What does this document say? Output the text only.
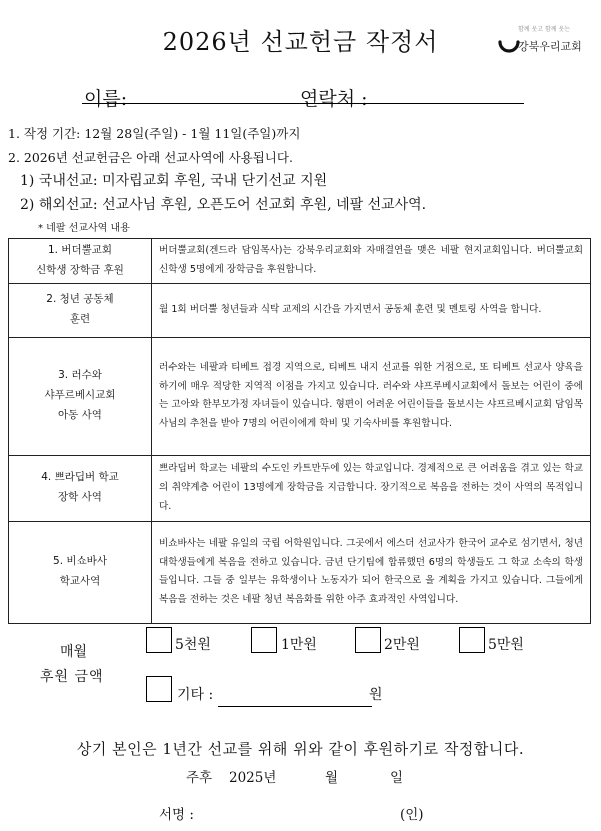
2026년 선교헌금 작정서	함께 웃고 함께 웃는
강북우리교회
이름:	연락처 :
1. 작정 기간: 12월 28일(주일) - 1월 11일(주일)까지
2. 2026년 선교헌금은 아래 선교사역에 사용됩니다.
1) 국내선교: 미자립교회 후원, 국내 단기선교 지원
2) 해외선교: 선교사님 후원, 오픈도어 선교회 후원, 네팔 선교사역.
* 네팔 선교사역 내용
1. 버더뿔교회
신학생 장학금 후원	버더뿔교회(겐드라 담임목사)는 강북우리교회와 자매결연을 맺은 네팔 현지교회입니다. 버더뿔교회 신학생 5명에게 장학금을 후원합니다.

2. 청년 공동체
훈련	월 1회 버더뿔 청년들과 식탁 교제의 시간을 가지면서 공동체 훈련 및 멘토링 사역을 합니다.

3. 러수와
샤푸르베시교회
아동 사역	러수와는 네팔과 티베트 접경 지역으로, 티베트 내지 선교를 위한 거점으로, 또 티베트 선교사 양육을 하기에 매우 적당한 지역적 이점을 가지고 있습니다. 러수와 샤프루베시교회에서 돌보는 어린이 중에는 고아와 한부모가정 자녀들이 있습니다. 형편이 어려운 어린이들을 돌보시는 샤프르베시교회 담임목사님의 추천을 받아 7명의 어린이에게 학비 및 기숙사비를 후원합니다.

4. 쁘라딥버 학교
장학 사역	쁘라딥버 학교는 네팔의 수도인 카트만두에 있는 학교입니다. 경제적으로 큰 어려움을 겪고 있는 학교의 취약계층 어린이 13명에게 장학금을 지급합니다. 장기적으로 복음을 전하는 것이 사역의 목적입니다.

5. 비쇼바사
학교사역	비쇼바사는 네팔 유일의 국립 어학원입니다. 그곳에서 에스더 선교사가 한국어 교수로 섬기면서, 청년 대학생들에게 복음을 전하고 있습니다. 금년 단기팀에 합류했던 6명의 학생들도 그 학교 소속의 학생들입니다. 그들 중 일부는 유학생이나 노동자가 되어 한국으로 올 계획을 가지고 있습니다. 그들에게 복음을 전하는 것은 네팔 청년 복음화를 위한 아주 효과적인 사역입니다.
매월
후원 금액
5천원	1만원	2만원	5만원
기타 :	원
상기 본인은 1년간 선교를 위해 위와 같이 후원하기로 작정합니다.
주후 2025년	월	일
서명 :	(인)
